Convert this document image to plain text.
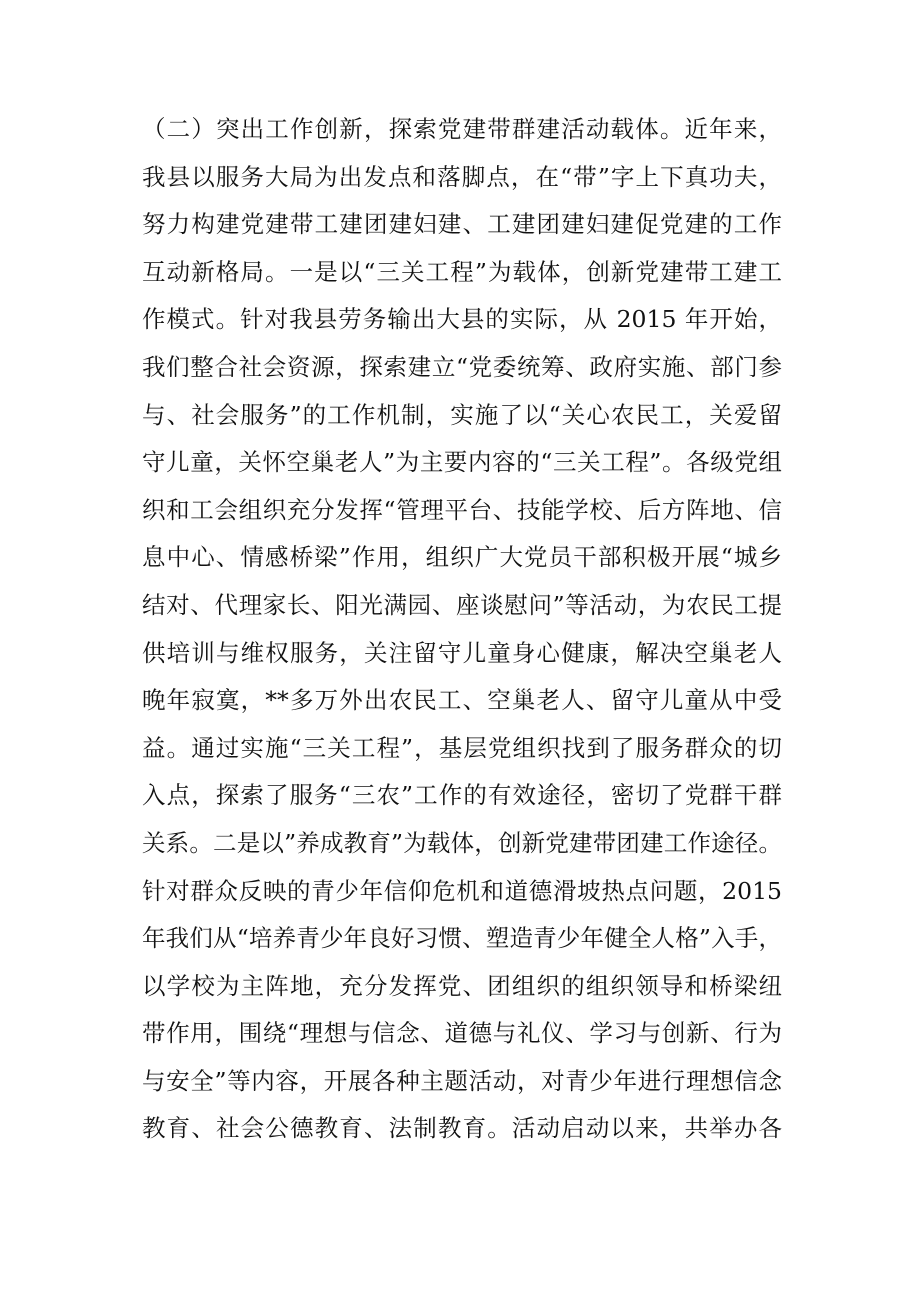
（二）突出工作创新，探索党建带群建活动载体。近年来，
我县以服务大局为出发点和落脚点，在“带”字上下真功夫，
努力构建党建带工建团建妇建、工建团建妇建促党建的工作
互动新格局。一是以“三关工程”为载体，创新党建带工建工
作模式。针对我县劳务输出大县的实际，从 2015 年开始，
我们整合社会资源，探索建立“党委统筹、政府实施、部门参
与、社会服务”的工作机制，实施了以“关心农民工，关爱留
守儿童，关怀空巢老人”为主要内容的“三关工程”。各级党组
织和工会组织充分发挥“管理平台、技能学校、后方阵地、信
息中心、情感桥梁”作用，组织广大党员干部积极开展“城乡
结对、代理家长、阳光满园、座谈慰问”等活动，为农民工提
供培训与维权服务，关注留守儿童身心健康，解决空巢老人
晚年寂寞，**多万外出农民工、空巢老人、留守儿童从中受
益。通过实施“三关工程”，基层党组织找到了服务群众的切
入点，探索了服务“三农”工作的有效途径，密切了党群干群
关系。二是以”养成教育”为载体，创新党建带团建工作途径。
针对群众反映的青少年信仰危机和道德滑坡热点问题，2015
年我们从“培养青少年良好习惯、塑造青少年健全人格”入手，
以学校为主阵地，充分发挥党、团组织的组织领导和桥梁纽
带作用，围绕“理想与信念、道德与礼仪、学习与创新、行为
与安全”等内容，开展各种主题活动，对青少年进行理想信念
教育、社会公德教育、法制教育。活动启动以来，共举办各
